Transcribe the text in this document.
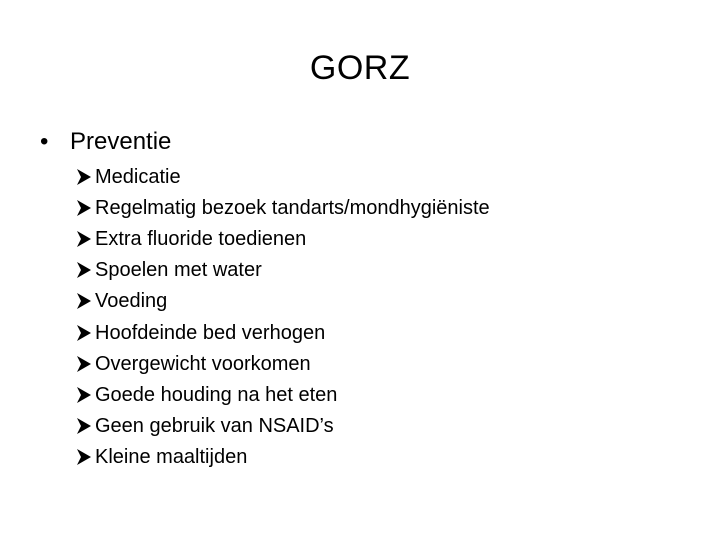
GORZ
• Preventie
Medicatie
Regelmatig bezoek tandarts/mondhygiëniste
Extra fluoride toedienen
Spoelen met water
Voeding
Hoofdeinde bed verhogen
Overgewicht voorkomen
Goede houding na het eten
Geen gebruik van NSAID’s
Kleine maaltijden
